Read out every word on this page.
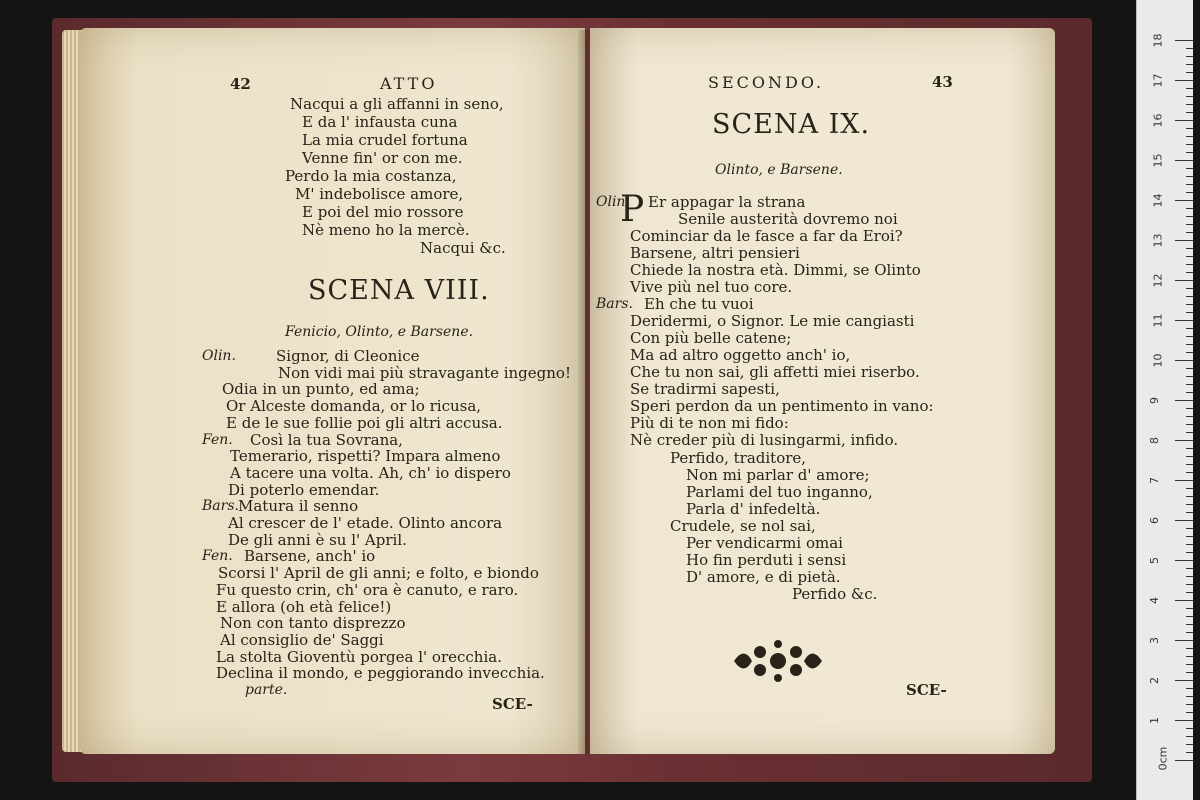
42	ATTO
Nacqui &c.
SCENA VIII.
Fenicio, Olinto, e Barsene.
parte.
SCE-
Nacqui a gli affanni in seno,
E da l' infausta cuna
La mia crudel fortuna
Venne fin' or con me.
Perdo la mia costanza,
M' indebolisce amore,
E poi del mio rossore
Nè meno ho la mercè.
Olin.	Signor, di Cleonice
Non vidi mai più stravagante ingegno!
Odia in un punto, ed ama;
Or Alceste domanda, or lo ricusa,
E de le sue follie poi gli altri accusa.
Fen. Così la tua Sovrana,
Temerario, rispetti? Impara almeno
A tacere una volta. Ah, ch' io dispero
Di poterlo emendar.
Bars. Matura il senno
Al crescer de l' etade. Olinto ancora
De gli anni è su l' April.
Fen. Barsene, anch' io
Scorsi l' April de gli anni; e folto, e biondo
Fu questo crin, ch' ora è canuto, e raro.
E allora (oh età felice!)
Non con tanto disprezzo
Al consiglio de' Saggi
La stolta Gioventù porgea l' orecchia.
Declina il mondo, e peggiorando invecchia.
SECONDO.	43
SCENA IX.
Olinto, e Barsene.
P
Perfido &c.
SCE-
Olin. Er appagar la strana
Senile austerità dovremo noi
Cominciar da le fasce a far da Eroi?
Barsene, altri pensieri
Chiede la nostra età. Dimmi, se Olinto
Vive più nel tuo core.
Bars. Eh che tu vuoi
Deridermi, o Signor. Le mie cangiasti
Con più belle catene;
Ma ad altro oggetto anch' io,
Che tu non sai, gli affetti miei riserbo.
Se tradirmi sapesti,
Speri perdon da un pentimento in vano:
Più di te non mi fido:
Nè creder più di lusingarmi, infido.
Perfido, traditore,
Non mi parlar d' amore;
Parlami del tuo inganno,
Parla d' infedeltà.
Crudele, se nol sai,
Per vendicarmi omai
Ho fin perduti i sensi
D' amore, e di pietà.
0cm
1
2
3
4
5
6
7
8
9
10
11
12
13
14
15
16
17
18
